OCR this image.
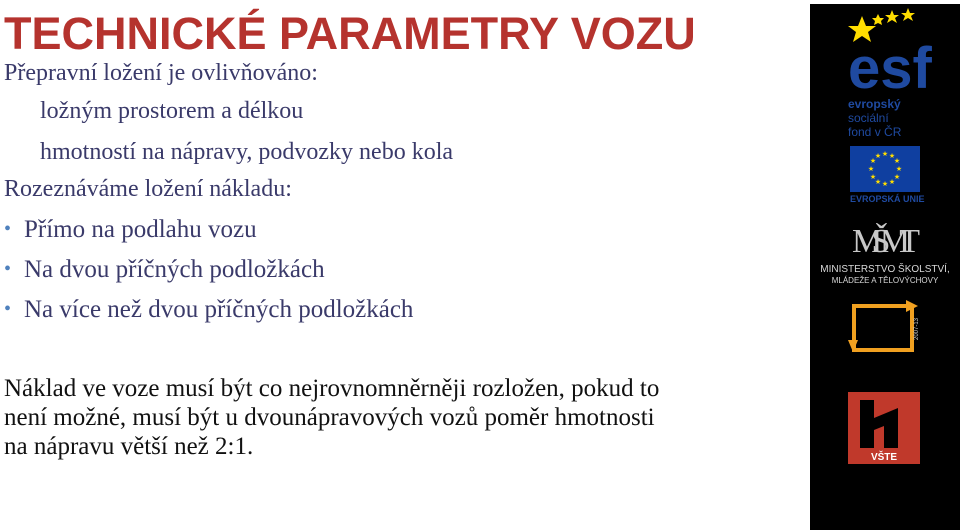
TECHNICKÉ PARAMETRY VOZU
Přepravní ložení je ovlivňováno:
ložným prostorem a délkou
hmotností na nápravy, podvozky nebo kola
Rozeznáváme ložení nákladu:
• Přímo na podlahu vozu
• Na dvou příčných podložkách
• Na více než dvou příčných podložkách
Náklad ve voze musí být co nejrovnomněrněji rozložen, pokud to
není možné, musí být u dvounápravových vozů poměr hmotnosti
na nápravu větší než 2:1.
esf
evropský
sociální
fond v ČR
★ ★
★
★
★
★
★
★
★
★
★
★
EVROPSKÁ UNIE
MŠMT
MINISTERSTVO ŠKOLSTVÍ,
MLÁDEŽE A TĚLOVÝCHOVY
2007-13
VŠTE
